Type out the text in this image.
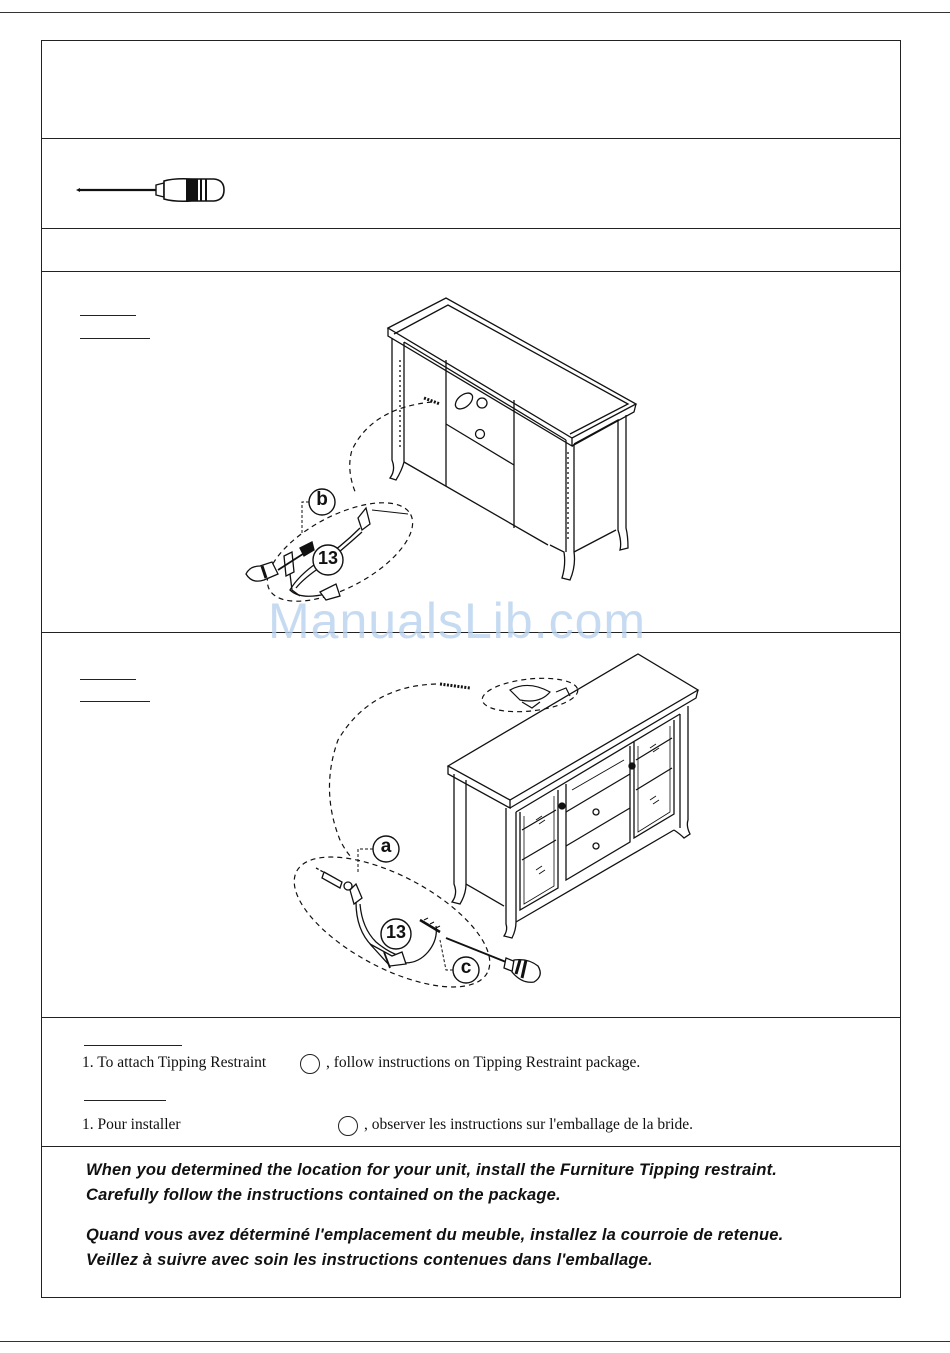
b
13
ManualsLib.com
a
13
c
1. To attach Tipping Restraint	, follow instructions on Tipping Restraint package.
1. Pour installer	, observer les instructions sur l'emballage de la bride.
When you determined the location for your unit, install the Furniture Tipping restraint.
Carefully follow the instructions contained on the package.
Quand vous avez déterminé l'emplacement du meuble, installez la courroie de retenue.
Veillez à suivre avec soin les instructions contenues dans l'emballage.
